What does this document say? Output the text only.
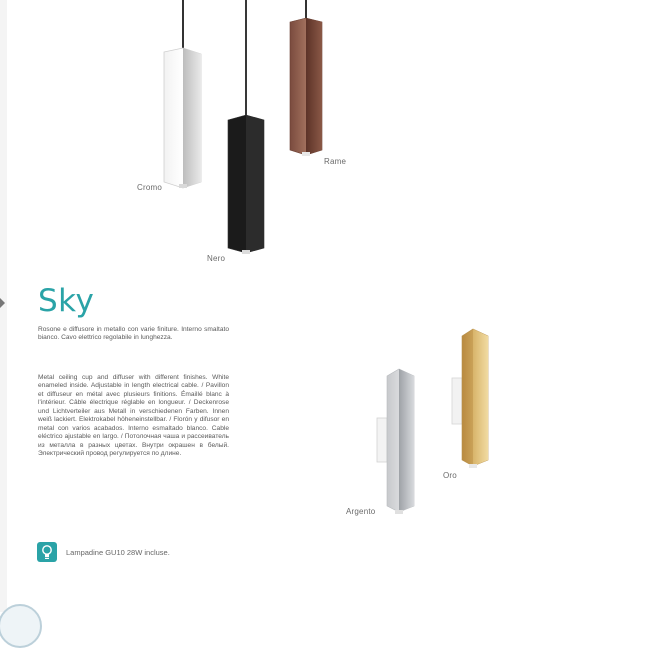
Cromo
Nero
Rame
Argento
Oro
Sky
Rosone e diffusore in metallo con varie finiture. Interno smaltato bianco. Cavo elettrico regolabile in lunghezza.
Metal ceiling cup and diffuser with different finishes. White enameled inside. Adjustable in length electrical cable. / Pavillon et diffuseur en métal avec plusieurs finitions. Émaillé blanc à l'intérieur. Câble électrique réglable en longueur. / Deckenrose und Lichtverteiler aus Metall in verschiedenen Farben. Innen weiß lackiert. Elektrokabel höheneinstellbar. / Florón y difusor en metal con varios acabados. Interno esmaltado blanco. Cable eléctrico ajustable en largo. / Потолочная чаша и рассеиватель из металла в разных цветах. Внутри окрашен в белый. Электрический провод регулируется по длине.
Lampadine GU10 28W incluse.
